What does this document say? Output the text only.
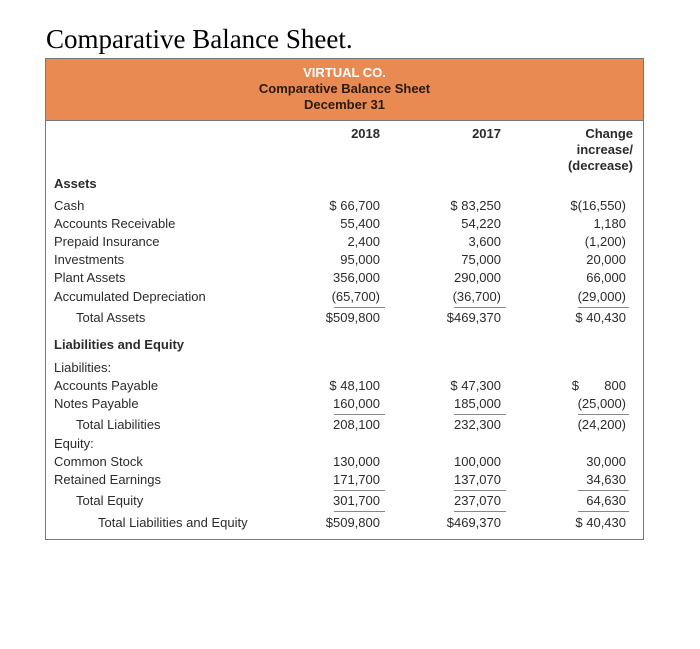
Comparative Balance Sheet.
VIRTUAL CO.
Comparative Balance Sheet
December 31
2018	2017	Change
increase/
(decrease)
Assets
Cash	$ 66,700	$ 83,250	$(16,550)
Accounts Receivable	55,400	54,220	1,180
Prepaid Insurance	2,400	3,600	(1,200)
Investments	95,000	75,000	20,000
Plant Assets	356,000	290,000	66,000
Accumulated Depreciation	(65,700)	(36,700)	(29,000)
Total Assets	$509,800	$469,370	$ 40,430
Liabilities and Equity
Liabilities:
Accounts Payable	$ 48,100	$ 47,300	$       800
Notes Payable	160,000	185,000	(25,000)
Total Liabilities	208,100	232,300	(24,200)
Equity:
Common Stock	130,000	100,000	30,000
Retained Earnings	171,700	137,070	34,630
Total Equity	301,700	237,070	64,630
Total Liabilities and Equity	$509,800	$469,370	$ 40,430
